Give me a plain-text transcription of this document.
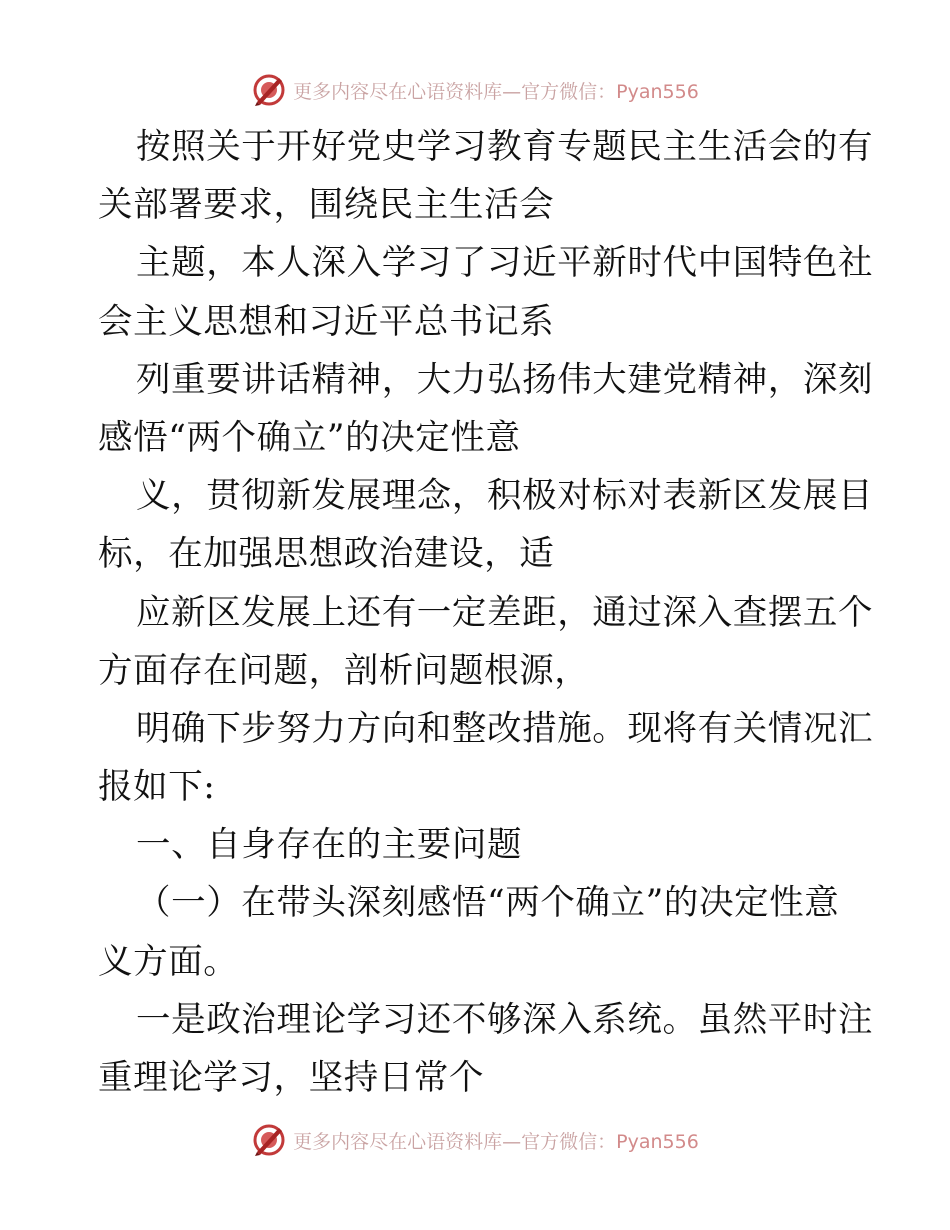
更多内容尽在心语资料库—官方微信：Pyan556
按照关于开好党史学习教育专题民主生活会的有
关部署要求，围绕民主生活会
主题，本人深入学习了习近平新时代中国特色社
会主义思想和习近平总书记系
列重要讲话精神，大力弘扬伟大建党精神，深刻
感悟“两个确立”的决定性意
义，贯彻新发展理念，积极对标对表新区发展目
标，在加强思想政治建设，适
应新区发展上还有一定差距，通过深入查摆五个
方面存在问题，剖析问题根源，
明确下步努力方向和整改措施。现将有关情况汇
报如下:
一、自身存在的主要问题
（一）在带头深刻感悟“两个确立”的决定性意
义方面。
一是政治理论学习还不够深入系统。虽然平时注
重理论学习，坚持日常个
更多内容尽在心语资料库—官方微信：Pyan556
